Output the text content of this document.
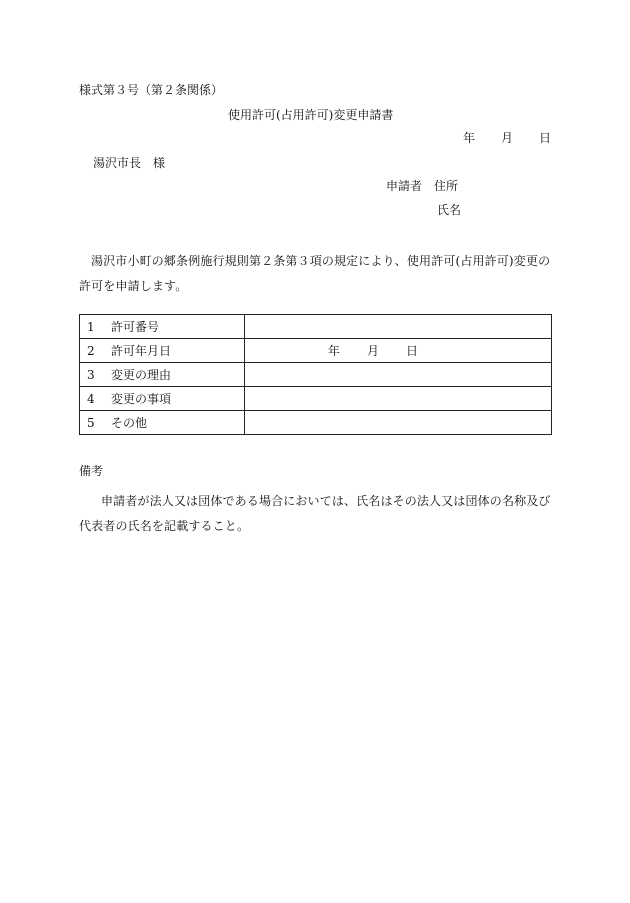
様式第３号（第２条関係）
使用許可(占用許可)変更申請書
年 月 日
湯沢市長　様
申請者　住所
氏名
湯沢市小町の郷条例施行規則第２条第３項の規定により、使用許可(占用許可)変更の許可を申請します。
1 許可番号	
2 許可年月日	年 月 日

3 変更の理由	
4 変更の事項	
5 その他	
備考
申請者が法人又は団体である場合においては、氏名はその法人又は団体の名称及び代表者の氏名を記載すること。
